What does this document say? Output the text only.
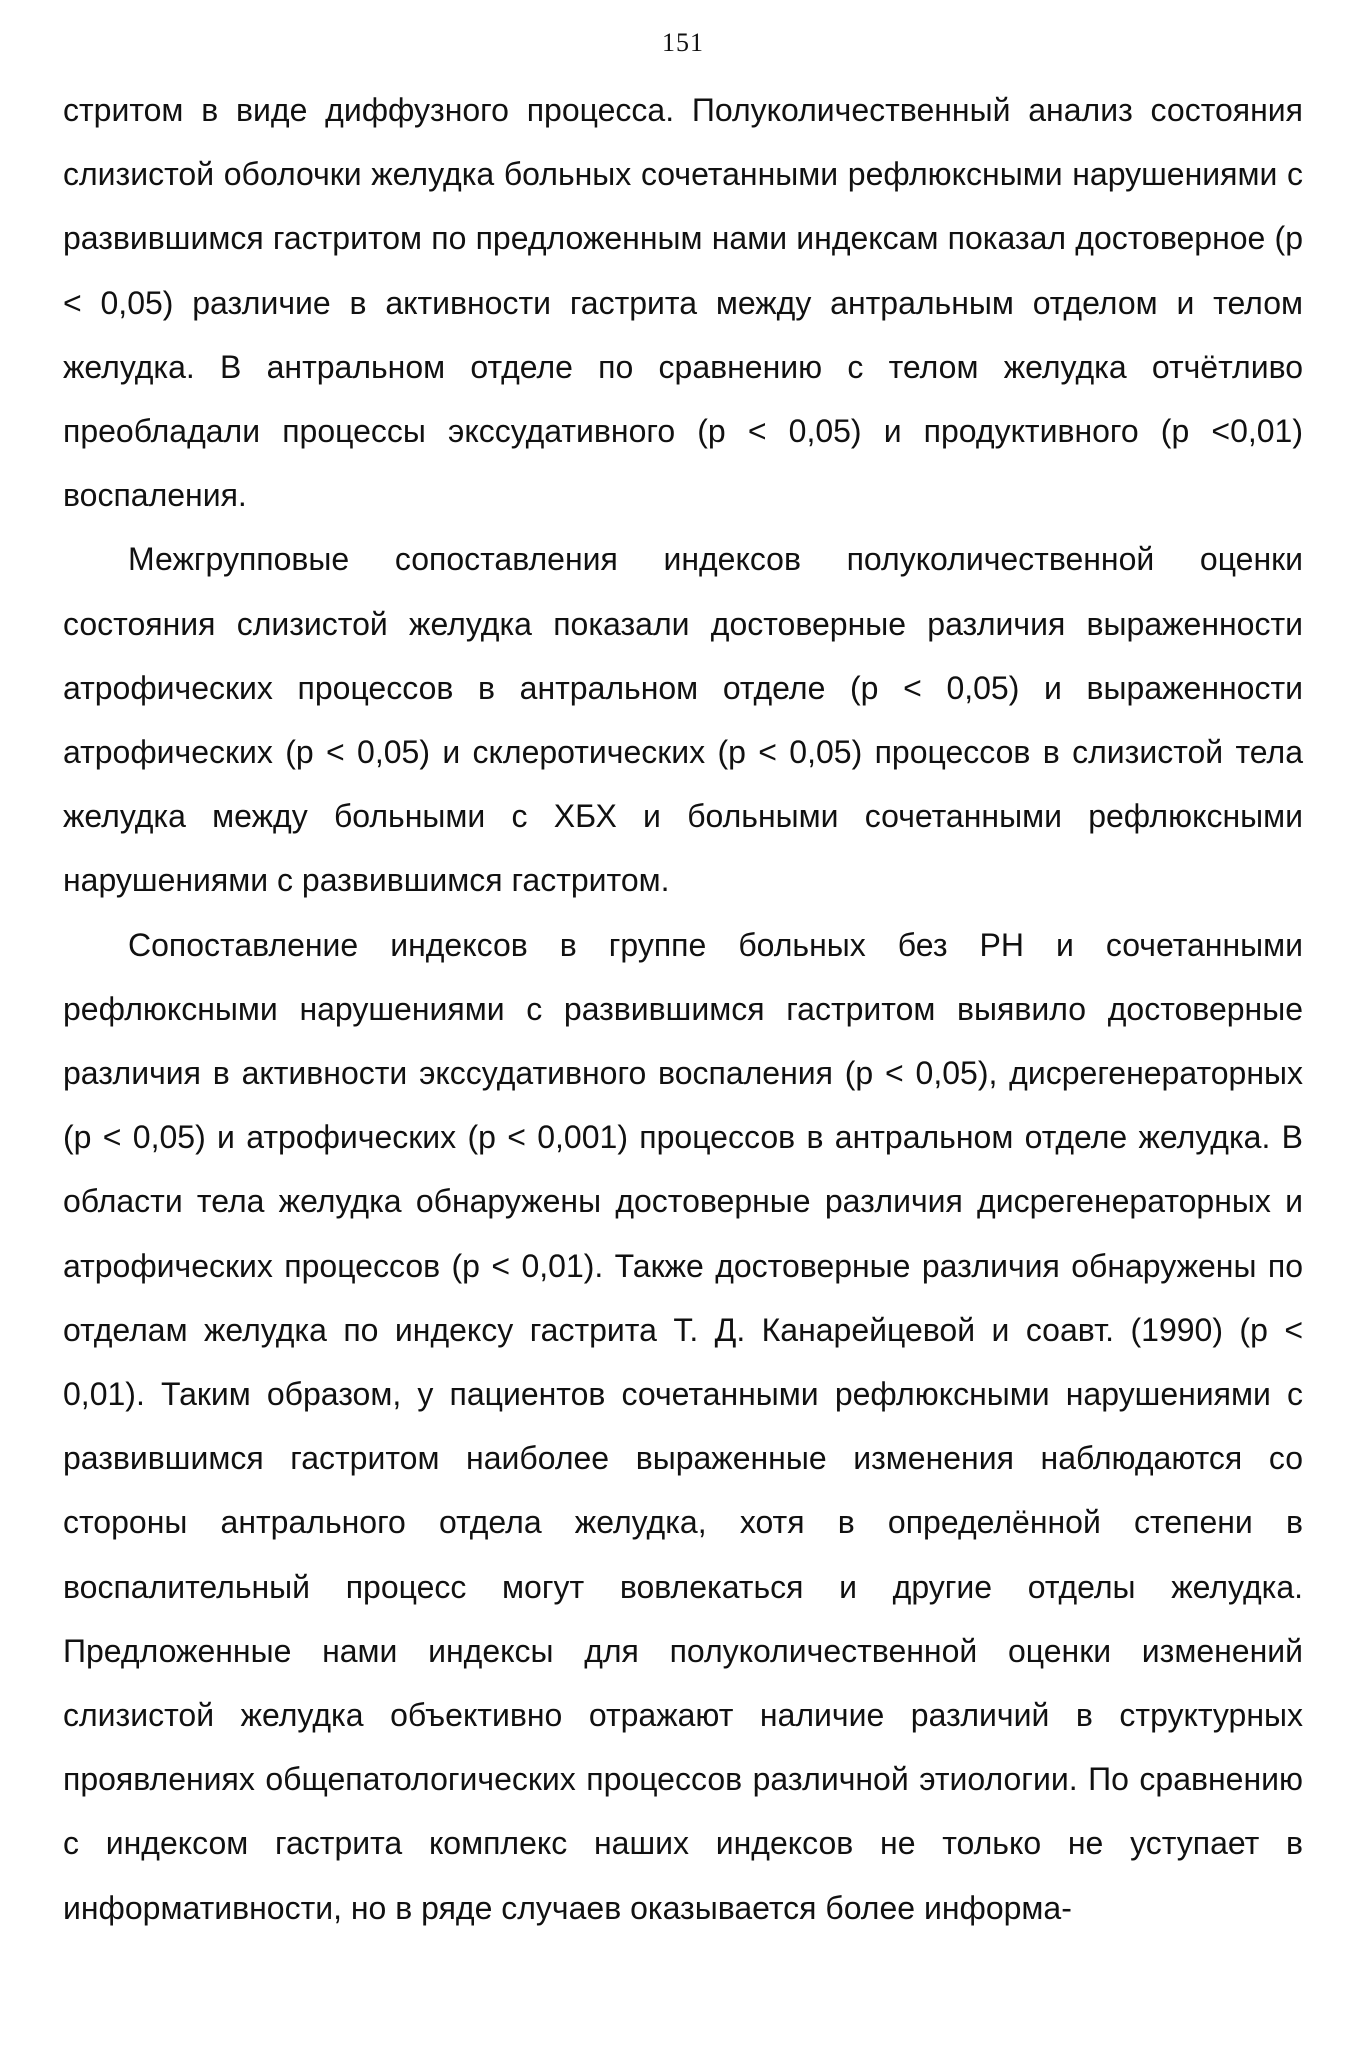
151

стритом в виде диффузного процесса. Полуколичественный анализ состояния слизистой оболочки желудка больных сочетанными рефлюксными нарушениями с развившимся гастритом по предложенным нами индексам показал достоверное (р < 0,05) различие в активности гастрита между антральным отделом и телом желудка. В антральном отделе по сравнению с телом желудка отчётливо преобладали процессы экссудативного (р < 0,05) и продуктивного (р <0,01) воспаления.

Межгрупповые сопоставления индексов полуколичественной оценки состояния слизистой желудка показали достоверные различия выраженности атрофических процессов в антральном отделе (р < 0,05) и выраженности атрофических (р < 0,05) и склеротических (р < 0,05) процессов в слизистой тела желудка между больными с ХБХ и больными сочетанными рефлюксными нарушениями с развившимся гастритом.

Сопоставление индексов в группе больных без РН и сочетанными рефлюксными нарушениями с развившимся гастритом выявило достоверные различия в активности экссудативного воспаления (р < 0,05), дисрегенераторных (р < 0,05) и атрофических (р < 0,001) процессов в антральном отделе желудка. В области тела желудка обнаружены достоверные различия дисрегенераторных и атрофических процессов (р < 0,01). Также достоверные различия обнаружены по отделам желудка по индексу гастрита Т. Д. Канарейцевой и соавт. (1990) (р < 0,01). Таким образом, у пациентов сочетанными рефлюксными нарушениями с развившимся гастритом наиболее выраженные изменения наблюдаются со стороны антрального отдела желудка, хотя в определённой степени в воспалительный процесс могут вовлекаться и другие отделы желудка. Предложенные нами индексы для полуколичественной оценки изменений слизистой желудка объективно отражают наличие различий в структурных проявлениях общепатологических процессов различной этиологии. По сравнению с индексом гастрита комплекс наших индексов не только не уступает в информативности, но в ряде случаев оказывается более информа-
